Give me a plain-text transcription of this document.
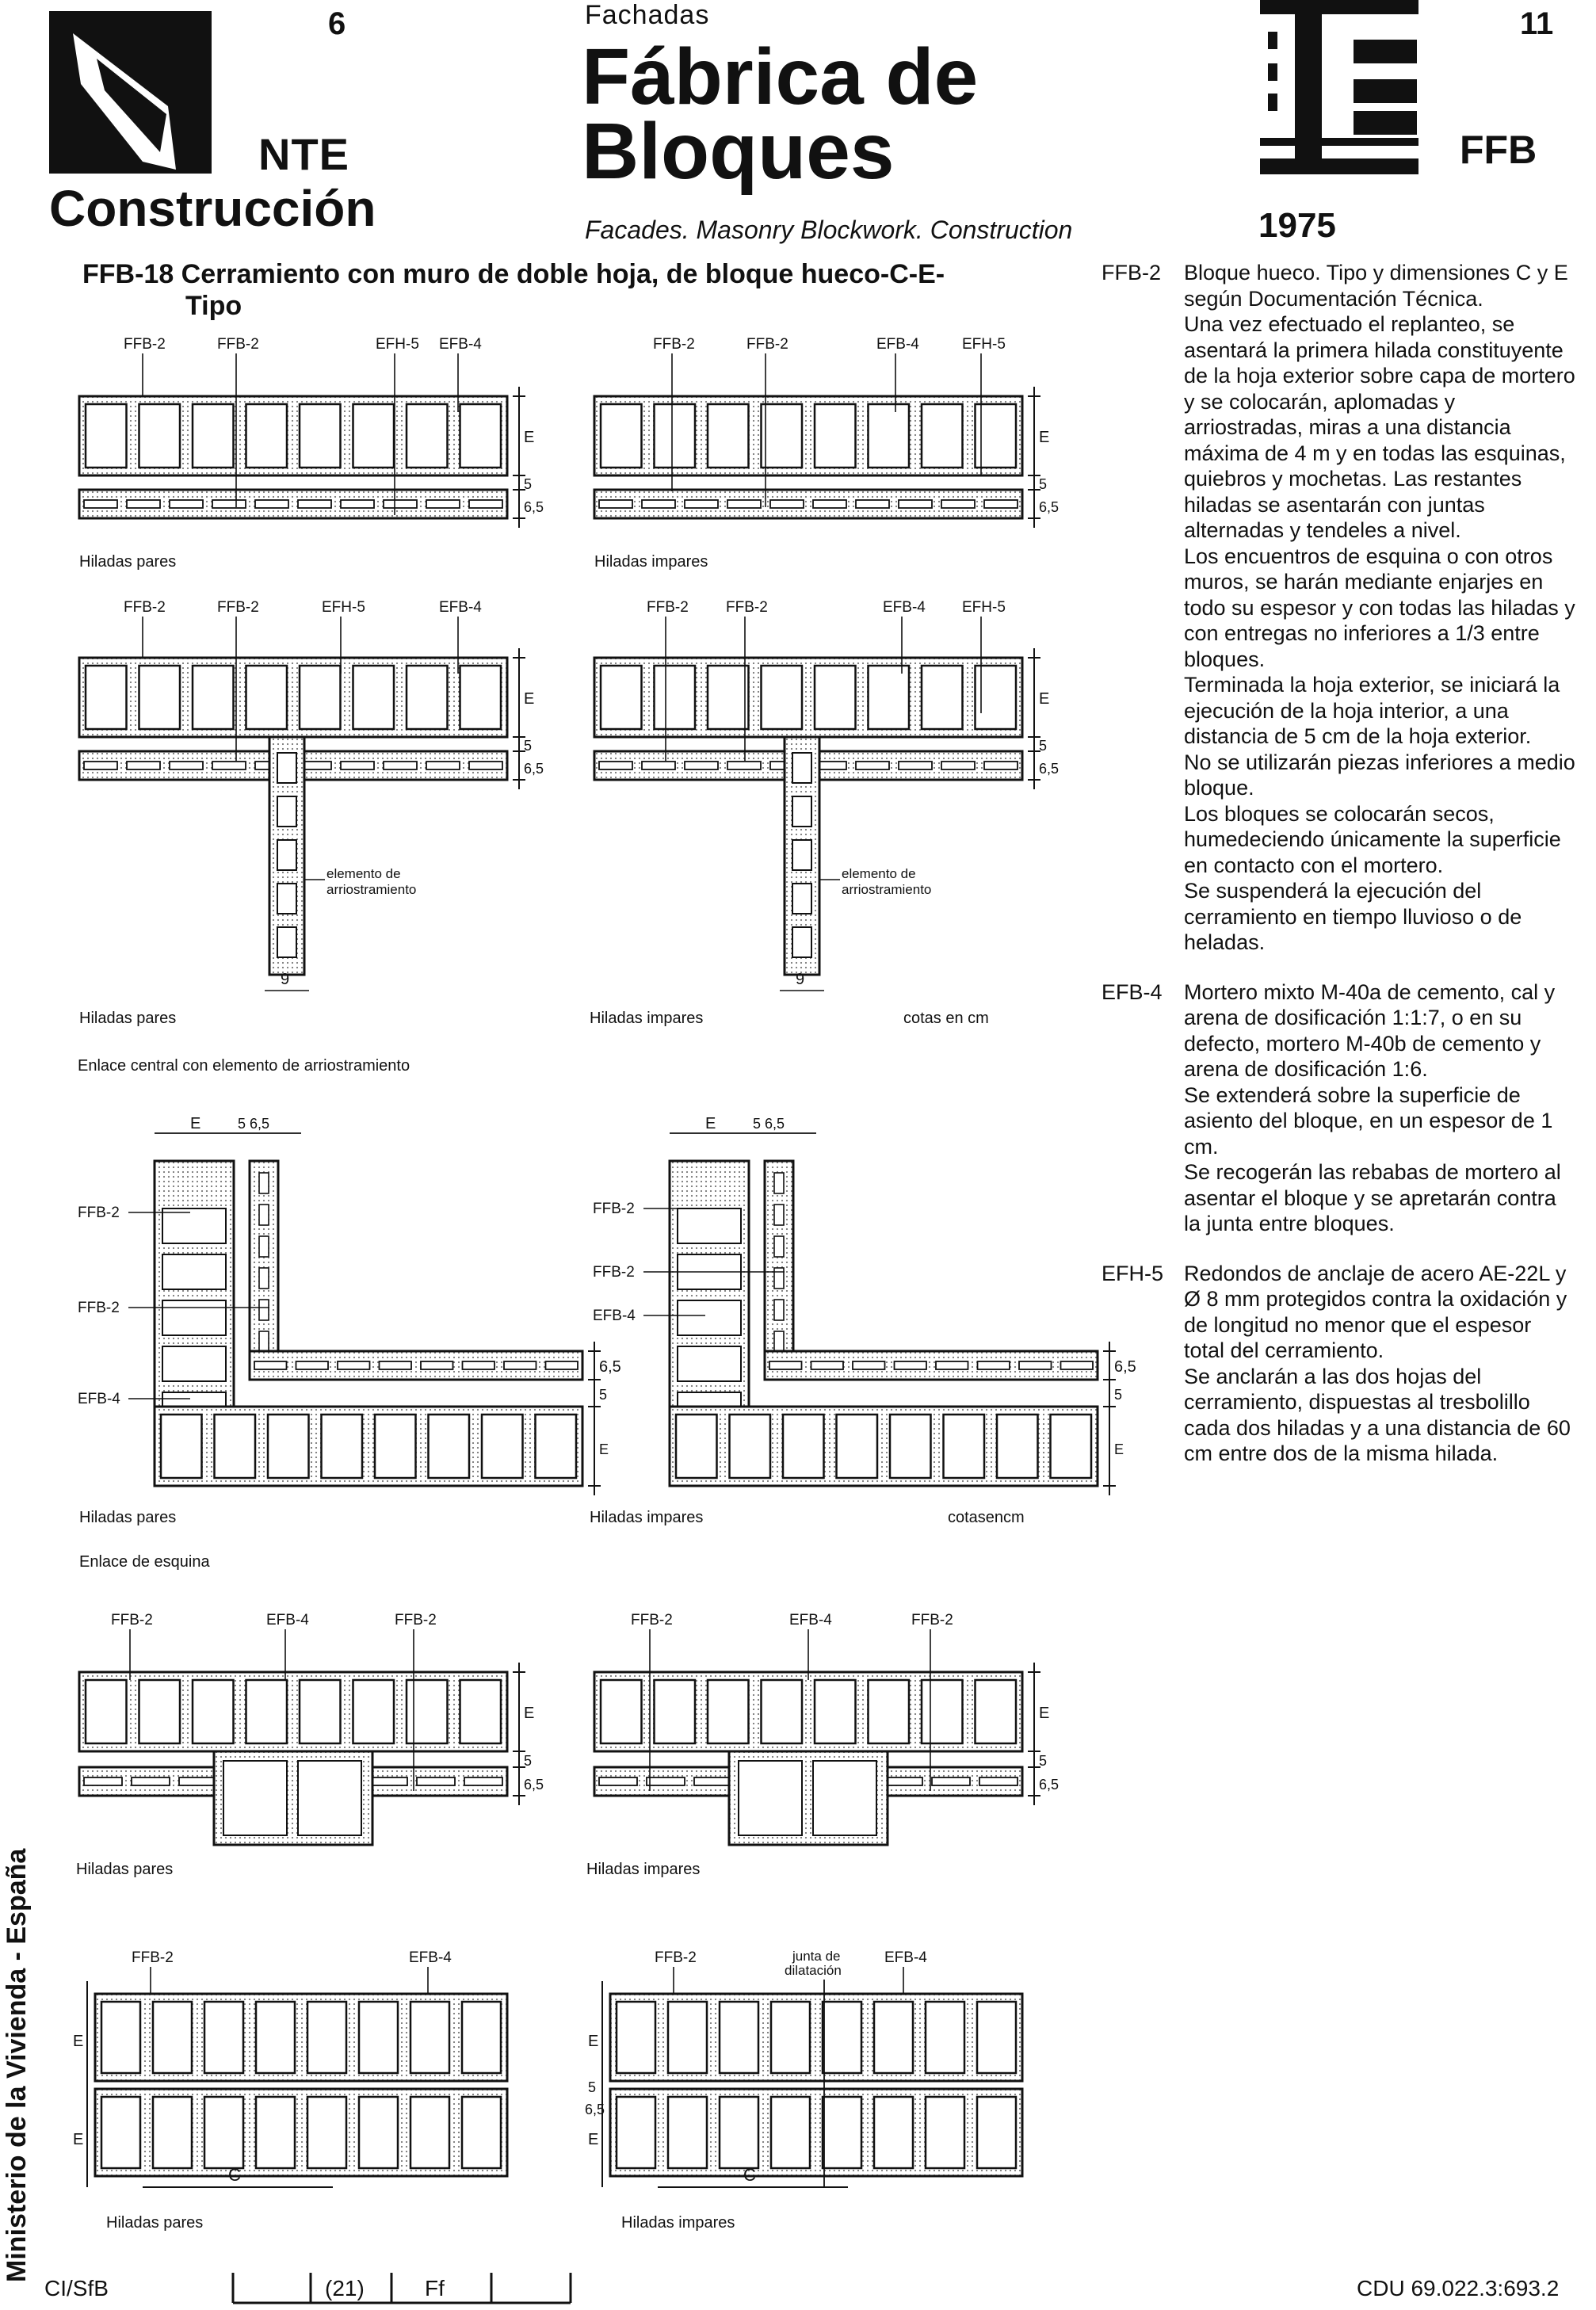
6
NTE
Construcción
Fachadas
Fábrica de
Bloques
Facades. Masonry Blockwork. Construction
11
FFB
1975
FFB-18 Cerramiento con muro de doble hoja, de bloque hueco-C-E-
Tipo
E
5
6,5
FFB-2	FFB-2	EFH-5 EFB-4
E
5
6,5
FFB-2	FFB-2	EFB-4	EFH-5
E
5
6,5
elemento de
arriostramiento
9
FFB-2	FFB-2	EFH-5	EFB-4
E
5
6,5
elemento de
arriostramiento
9
FFB-2 FFB-2	EFB-4 EFH-5
6,5
5
E
E	5 6,5
FFB-2
FFB-2
EFB-4
6,5
5
E
E	5 6,5
FFB-2
FFB-2
EFB-4
E
5
6,5
FFB-2	EFB-4	FFB-2
E
5
6,5
FFB-2	EFB-4	FFB-2
E
E
C
FFB-2	EFB-4
E
E
C
FFB-2	EFB-4
junta de
dilatación
5
6,5
Hiladas pares	Hiladas impares
Hiladas pares	Hiladas impares	cotas en cm
Enlace central con elemento de arriostramiento
Hiladas pares	Hiladas impares	cotasencm
Enlace de esquina
Hiladas pares	Hiladas impares
Hiladas pares	Hiladas impares
FFB-2	Bloque hueco. Tipo y dimensiones C y E según Documentación Técnica.

Una vez efectuado el replanteo, se asentará la primera hilada constituyente de la hoja exterior sobre capa de mortero y se colocarán, aplomadas y arriostradas, miras a una distancia máxima de 4 m y en todas las esquinas, quiebros y mochetas. Las restantes hiladas se asentarán con juntas alternadas y tendeles a nivel.

Los encuentros de esquina o con otros muros, se harán mediante enjarjes en todo su espesor y con todas las hiladas y con entregas no inferiores a 1/3 entre bloques.

Terminada la hoja exterior, se iniciará la ejecución de la hoja interior, a una distancia de 5 cm de la hoja exterior.

No se utilizarán piezas inferiores a medio bloque.

Los bloques se colocarán secos, humedeciendo únicamente la superficie en contacto con el mortero.

Se suspenderá la ejecución del cerramiento en tiempo lluvioso o de heladas.

EFB-4	Mortero mixto M-40a de cemento, cal y arena de dosificación 1:1:7, o en su defecto, mortero M-40b de cemento y arena de dosificación 1:6.

Se extenderá sobre la superficie de asiento del bloque, en un espesor de 1 cm.

Se recogerán las rebabas de mortero al asentar el bloque y se apretarán contra la junta entre bloques.

EFH-5 Redondos de anclaje de acero AE-22L y Ø 8 mm protegidos contra la oxidación y de longitud no menor que el espesor total del cerramiento.

Se anclarán a las dos hojas del cerramiento, dispuestas al tresbolillo cada dos hiladas y a una distancia de 60 cm entre dos de la misma hilada.

Ministerio de la Vivienda - España
CI/SfB	(21)	Ff	CDU 69.022.3:693.2
